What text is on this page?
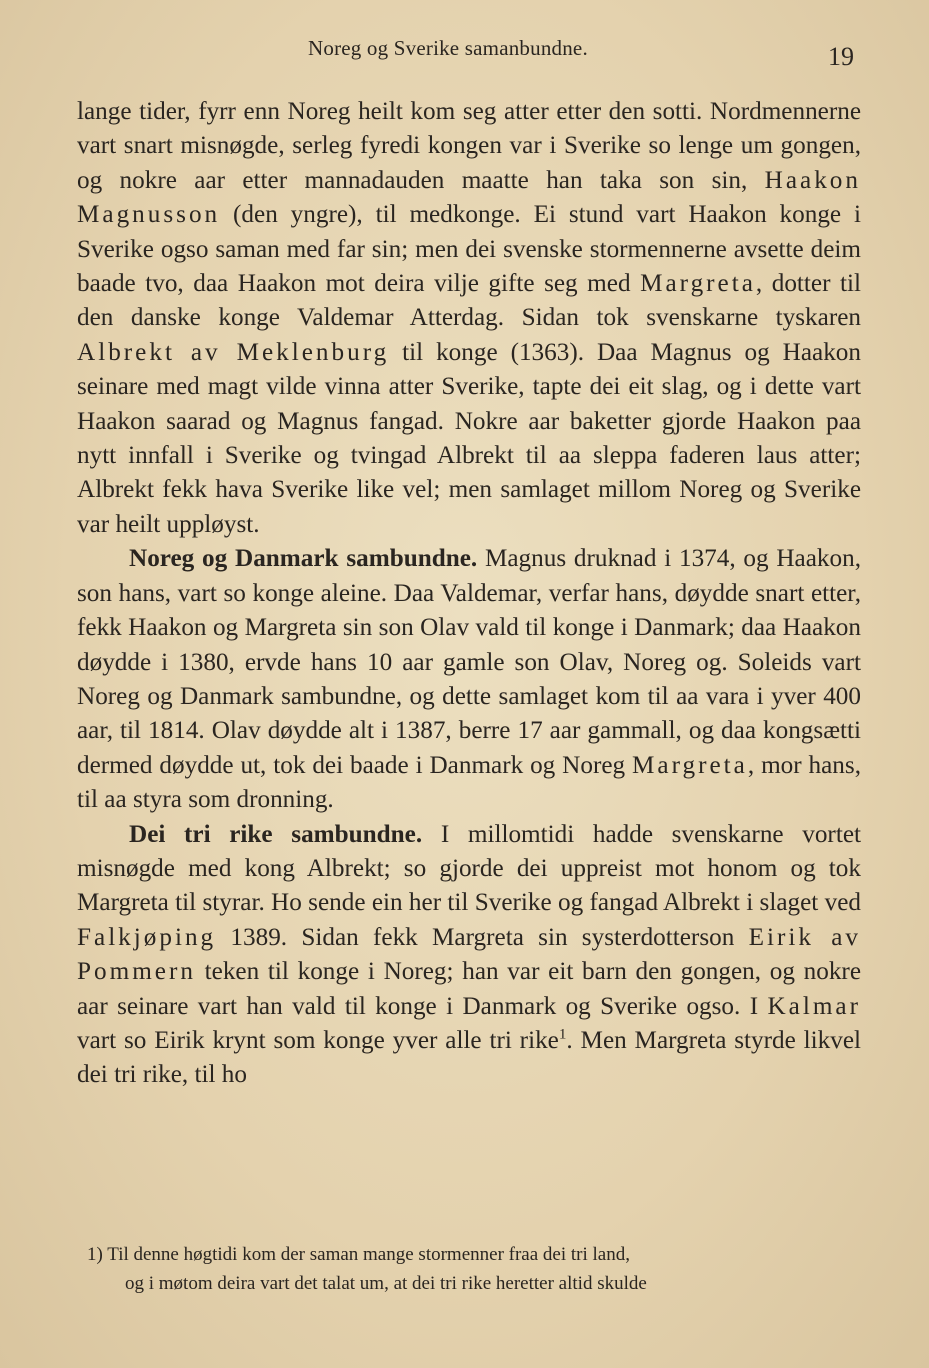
Noreg og Sverike samanbundne.	19

lange tider, fyrr enn Noreg heilt kom seg atter etter den sotti. Nordmennerne vart snart misnøgde, serleg fyredi kongen var i Sverike so lenge um gongen, og nokre aar etter mannadauden maatte han taka son sin, Haakon Magnusson (den yngre), til medkonge. Ei stund vart Haakon konge i Sverike ogso saman med far sin; men dei svenske stormennerne avsette deim baade tvo, daa Haakon mot deira vilje gifte seg med Margreta, dotter til den danske konge Valdemar Atterdag. Sidan tok svenskarne tyskaren Albrekt av Meklenburg til konge (1363). Daa Magnus og Haakon seinare med magt vilde vinna atter Sverike, tapte dei eit slag, og i dette vart Haakon saarad og Magnus fangad. Nokre aar baketter gjorde Haakon paa nytt innfall i Sverike og tvingad Albrekt til aa sleppa faderen laus atter; Albrekt fekk hava Sverike like vel; men samlaget millom Noreg og Sverike var heilt uppløyst.

Noreg og Danmark sambundne. Magnus druknad i 1374, og Haakon, son hans, vart so konge aleine. Daa Valdemar, verfar hans, døydde snart etter, fekk Haakon og Margreta sin son Olav vald til konge i Danmark; daa Haakon døydde i 1380, ervde hans 10 aar gamle son Olav, Noreg og. Soleids vart Noreg og Danmark sambundne, og dette samlaget kom til aa vara i yver 400 aar, til 1814. Olav døydde alt i 1387, berre 17 aar gammall, og daa kongsætti dermed døydde ut, tok dei baade i Danmark og Noreg Margreta, mor hans, til aa styra som dronning.

Dei tri rike sambundne. I millomtidi hadde svenskarne vortet misnøgde med kong Albrekt; so gjorde dei uppreist mot honom og tok Margreta til styrar. Ho sende ein her til Sverike og fangad Albrekt i slaget ved Falkjøping 1389. Sidan fekk Margreta sin systerdotterson Eirik av Pommern teken til konge i Noreg; han var eit barn den gongen, og nokre aar seinare vart han vald til konge i Danmark og Sverike ogso. I Kalmar vart so Eirik krynt som konge yver alle tri rike$^1$. Men Margreta styrde likvel dei tri rike, til ho

1) Til denne høgtidi kom der saman mange stormenner fraa dei tri land,
og i møtom deira vart det talat um, at dei tri rike heretter altid skulde
